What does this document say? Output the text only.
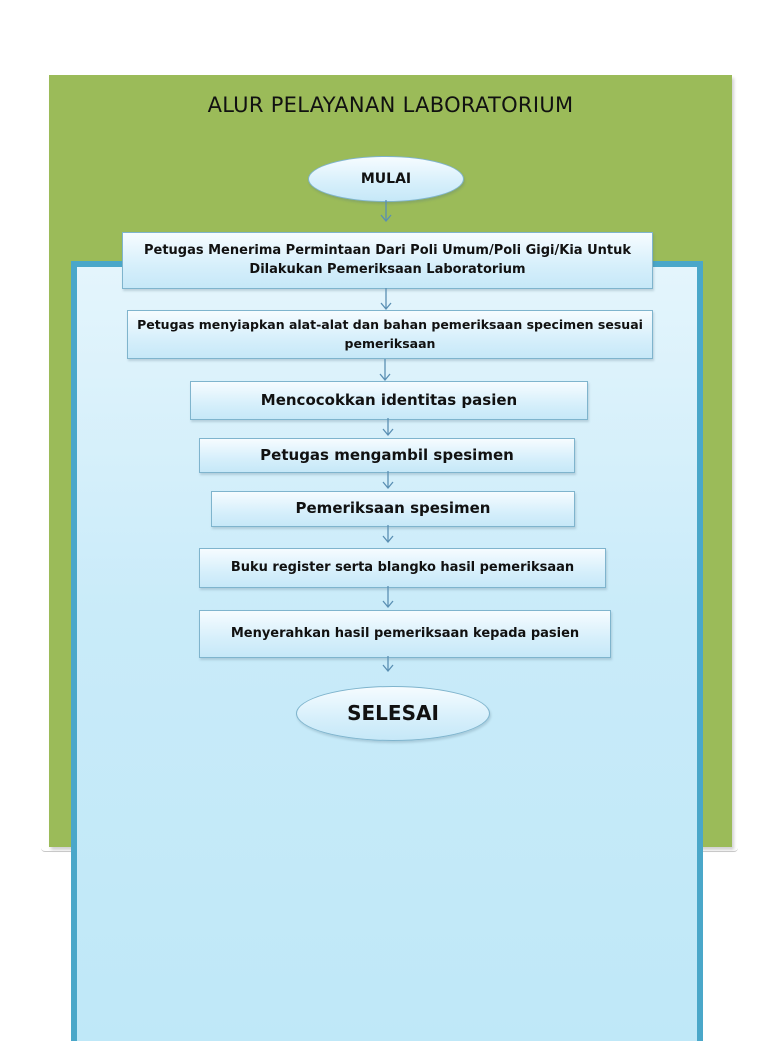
ALUR PELAYANAN LABORATORIUM
MULAI
Petugas Menerima Permintaan Dari Poli Umum/Poli Gigi/Kia Untuk Dilakukan Pemeriksaan Laboratorium
Petugas menyiapkan alat-alat dan bahan pemeriksaan specimen sesuai pemeriksaan
Mencocokkan identitas pasien
Petugas mengambil spesimen
Pemeriksaan spesimen
Buku register serta blangko hasil pemeriksaan
Menyerahkan hasil pemeriksaan kepada pasien
SELESAI
